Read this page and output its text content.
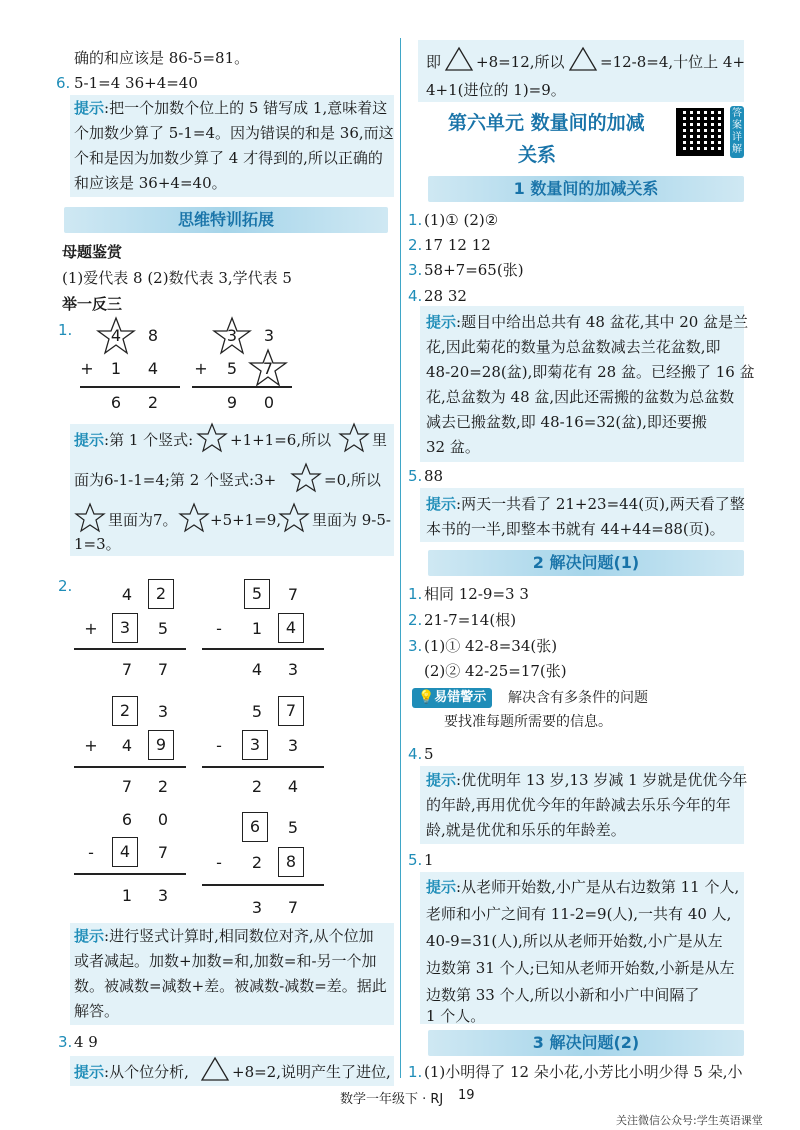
确的和应该是 86-5=81。
6. 5-1=4 36+4=40
提示:把一个加数个位上的 5 错写成 1,意味着这
个加数少算了 5-1=4。因为错误的和是 36,而这
个和是因为加数少算了 4 才得到的,所以正确的
和应该是 36+4=40。
思维特训拓展
母题鉴赏
(1)爱代表 8 (2)数代表 3,学代表 5
举一反三
1.	4	8
+	1	4
6	2
3	3
+	5	7
9	0
提示:第 1 个竖式: +1+1=6,所以	里
面为6-1-1=4;第 2 个竖式:3+	=0,所以
里面为7。 +5+1=9, 里面为 9-5-
1=3。
2.	4	2
+	3	5
7	7
5	7
-	1	4
4	3
2	3
+	4	9
7	2
5	7
-	3	3
2	4
6	0
-	4	7
1	3
6	5
-	2	8
3	7
提示:进行竖式计算时,相同数位对齐,从个位加
或者减起。加数+加数=和,加数=和-另一个加
数。被减数=减数+差。被减数-减数=差。据此
解答。
3. 4 9
提示:从个位分析,	+8=2,说明产生了进位,
即 +8=12,所以 =12-8=4,十位上 4+
4+1(进位的 1)=9。
第六单元 数量间的加减
关系
答案详解
1 数量间的加减关系
1. (1)① (2)②
2. 17 12 12
3. 58+7=65(张)
4. 28 32
提示:题目中给出总共有 48 盆花,其中 20 盆是兰
花,因此菊花的数量为总盆数减去兰花盆数,即
48-20=28(盆),即菊花有 28 盆。已经搬了 16 盆
花,总盆数为 48 盆,因此还需搬的盆数为总盆数
减去已搬盆数,即 48-16=32(盆),即还要搬
32 盆。
5. 88
提示:两天一共看了 21+23=44(页),两天看了整
本书的一半,即整本书就有 44+44=88(页)。
2 解决问题(1)
1. 相同 12-9=3 3
2. 21-7=14(根)
3. (1)① 42-8=34(张)
(2)② 42-25=17(张)
💡易错警示	解决含有多条件的问题
要找准每题所需要的信息。
4. 5
提示:优优明年 13 岁,13 岁减 1 岁就是优优今年
的年龄,再用优优今年的年龄减去乐乐今年的年
龄,就是优优和乐乐的年龄差。
5. 1
提示:从老师开始数,小广是从右边数第 11 个人,
老师和小广之间有 11-2=9(人),一共有 40 人,
40-9=31(人),所以从老师开始数,小广是从左
边数第 31 个人;已知从老师开始数,小新是从左
边数第 33 个人,所以小新和小广中间隔了
1 个人。
3 解决问题(2)
1. (1)小明得了 12 朵小花,小芳比小明少得 5 朵,小
数学一年级下 · RJ 19
关注微信公众号:学生英语课堂
